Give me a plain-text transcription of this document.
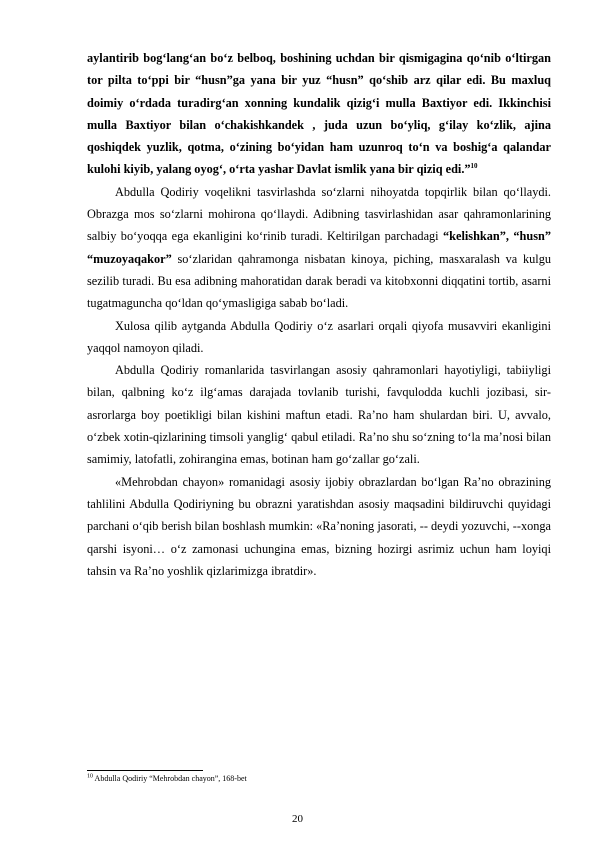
aylantirib bog‘lang‘an bo‘z belboq, boshining uchdan bir qismigagina qo‘nib o‘ltirgan tor pilta to‘ppi bir “husn”ga yana bir yuz “husn” qo‘shib arz qilar edi. Bu maxluq doimiy o‘rdada turadirg‘an xonning kundalik qizig‘i mulla Baxtiyor edi. Ikkinchisi mulla Baxtiyor bilan o‘chakishkandek , juda uzun bo‘yliq, g‘ilay ko‘zlik, ajina qoshiqdek yuzlik, qotma, o‘zining bo‘yidan ham uzunroq to‘n va boshig‘a qalandar kulohi kiyib, yalang oyog‘, o‘rta yashar Davlat ismlik yana bir qiziq edi.”$^{10}$

Abdulla Qodiriy voqelikni tasvirlashda so‘zlarni nihoyatda topqirlik bilan qo‘llaydi. Obrazga mos so‘zlarni mohirona qo‘llaydi. Adibning tasvirlashidan asar qahramonlarining salbiy bo‘yoqqa ega ekanligini ko‘rinib turadi. Keltirilgan parchadagi “kelishkan”, “husn” “muzoyaqakor” so‘zlaridan qahramonga nisbatan kinoya, piching, masxaralash va kulgu sezilib turadi. Bu esa adibning mahoratidan darak beradi va kitobxonni diqqatini tortib, asarni tugatmaguncha qo‘ldan qo‘ymasligiga sabab bo‘ladi.

Xulosa qilib aytganda Abdulla Qodiriy o‘z asarlari orqali qiyofa musavviri ekanligini yaqqol namoyon qiladi.

Abdulla Qodiriy romanlarida tasvirlangan asosiy qahramonlari hayotiyligi, tabiiyligi bilan, qalbning ko‘z ilg‘amas darajada tovlanib turishi, favqulodda kuchli jozibasi, sir-asrorlarga boy poetikligi bilan kishini maftun etadi. Ra’no ham shulardan biri. U, avvalo, o‘zbek xotin-qizlarining timsoli yanglig‘ qabul etiladi. Ra’no shu so‘zning to‘la ma’nosi bilan samimiy, latofatli, zohirangina emas, botinan ham go‘zallar go‘zali.

«Mehrobdan chayon» romanidagi asosiy ijobiy obrazlardan bo‘lgan Ra’no obrazining tahlilini Abdulla Qodiriyning bu obrazni yaratishdan asosiy maqsadini bildiruvchi quyidagi parchani o‘qib berish bilan boshlash mumkin: «Ra’noning jasorati, -- deydi yozuvchi, --xonga qarshi isyoni… o‘z zamonasi uchungina emas, bizning hozirgi asrimiz uchun ham loyiqi tahsin va Ra’no yoshlik qizlarimizga ibratdir».

$^{10}$ Abdulla Qodiriy “Mehrobdan chayon”, 168-bet
20
